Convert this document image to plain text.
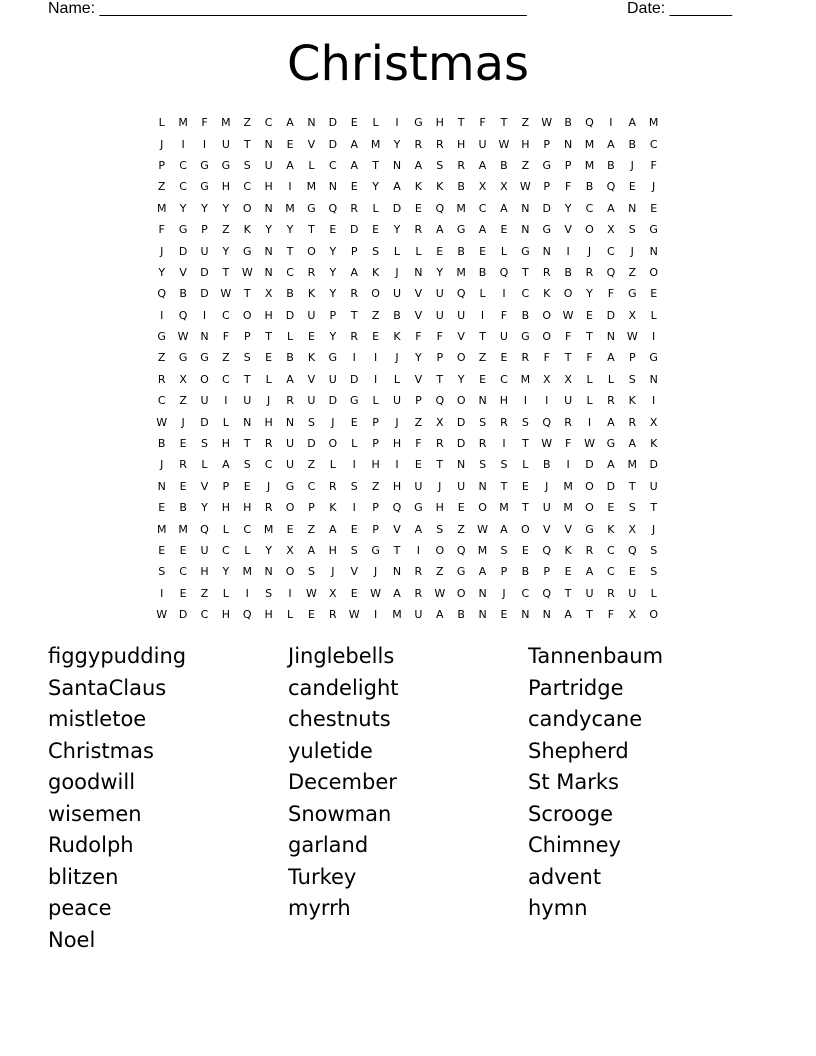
Name: ________________________________________________	Date: _______
Christmas
L	M	F	M	Z	C	A	N	D	E	L	I	G	H	T	F	T	Z	W	B	Q	I	A	M
J	I	I	U	T	N	E	V	D	A	M	Y	R	R	H	U	W	H	P	N	M	A	B	C
P	C	G	G	S	U	A	L	C	A	T	N	A	S	R	A	B	Z	G	P	M	B	J	F
Z	C	G	H	C	H	I	M	N	E	Y	A	K	K	B	X	X	W	P	F	B	Q	E	J
M	Y	Y	Y	O	N	M	G	Q	R	L	D	E	Q	M	C	A	N	D	Y	C	A	N	E
F	G	P	Z	K	Y	Y	T	E	D	E	Y	R	A	G	A	E	N	G	V	O	X	S	G
J	D	U	Y	G	N	T	O	Y	P	S	L	L	E	B	E	L	G	N	I	J	C	J	N
Y	V	D	T	W	N	C	R	Y	A	K	J	N	Y	M	B	Q	T	R	B	R	Q	Z	O
Q	B	D	W	T	X	B	K	Y	R	O	U	V	U	Q	L	I	C	K	O	Y	F	G	E
I	Q	I	C	O	H	D	U	P	T	Z	B	V	U	U	I	F	B	O	W	E	D	X	L
G	W	N	F	P	T	L	E	Y	R	E	K	F	F	V	T	U	G	O	F	T	N	W	I
Z	G	G	Z	S	E	B	K	G	I	I	J	Y	P	O	Z	E	R	F	T	F	A	P	G
R	X	O	C	T	L	A	V	U	D	I	L	V	T	Y	E	C	M	X	X	L	L	S	N
C	Z	U	I	U	J	R	U	D	G	L	U	P	Q	O	N	H	I	I	U	L	R	K	I
W	J	D	L	N	H	N	S	J	E	P	J	Z	X	D	S	R	S	Q	R	I	A	R	X
B	E	S	H	T	R	U	D	O	L	P	H	F	R	D	R	I	T	W	F	W	G	A	K
J	R	L	A	S	C	U	Z	L	I	H	I	E	T	N	S	S	L	B	I	D	A	M	D
N	E	V	P	E	J	G	C	R	S	Z	H	U	J	U	N	T	E	J	M	O	D	T	U
E	B	Y	H	H	R	O	P	K	I	P	Q	G	H	E	O	M	T	U	M	O	E	S	T
M	M	Q	L	C	M	E	Z	A	E	P	V	A	S	Z	W	A	O	V	V	G	K	X	J
E	E	U	C	L	Y	X	A	H	S	G	T	I	O	Q	M	S	E	Q	K	R	C	Q	S
S	C	H	Y	M	N	O	S	J	V	J	N	R	Z	G	A	P	B	P	E	A	C	E	S
I	E	Z	L	I	S	I	W	X	E	W	A	R	W	O	N	J	C	Q	T	U	R	U	L
W	D	C	H	Q	H	L	E	R	W	I	M	U	A	B	N	E	N	N	A	T	F	X	O
figgypudding
SantaClaus
mistletoe
Christmas
goodwill
wisemen
Rudolph
blitzen
peace
Noel
Jinglebells
candelight
chestnuts
yuletide
December
Snowman
garland
Turkey
myrrh
Tannenbaum
Partridge
candycane
Shepherd
St Marks
Scrooge
Chimney
advent
hymn
